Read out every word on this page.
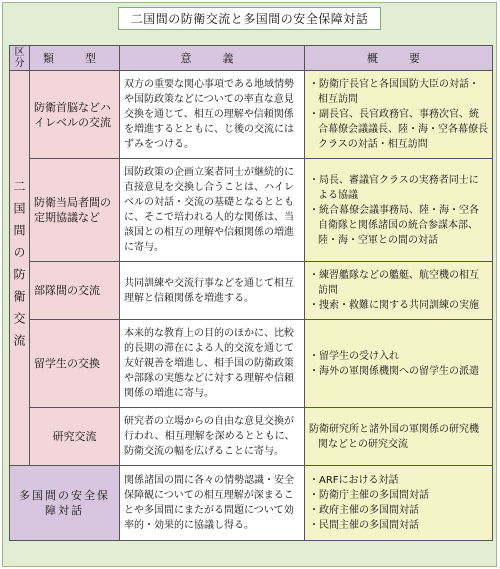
二国間の防衛交流と多国間の安全保障対話
区分	類　型	意　義	概　要

二国間の防衛交流	防衛首脳などハイレベルの交流	双方の重要な関心事項である地域情勢や国防政策などについての率直な意見交換を通じて、相互の理解や信頼関係を増進するとともに、じ後の交流にはずみをつける。	・防衛庁長官と各国国防大臣の対話・相互訪問
・副長官、長官政務官、事務次官、統合幕僚会議議長、陸・海・空各幕僚長クラスの対話・相互訪問

	防衛当局者間の定期協議など	国防政策の企画立案者同士が継続的に直接意見を交換し合うことは、ハイレベルの対話・交流の基礎となるとともに、そこで培われる人的な関係は、当該国との相互の理解や信頼関係の増進に寄与。	・局長、審議官クラスの実務者同士による協議
・統合幕僚会議事務局、陸・海・空各自衛隊と関係諸国の統合参謀本部、陸・海・空軍との間の対話

	部隊間の交流	共同訓練や交流行事などを通じて相互理解と信頼関係を増進する。	・練習艦隊などの艦艇、航空機の相互訪問
・捜索・救難に関する共同訓練の実施

	留学生の交換	本来的な教育上の目的のほかに、比較的長期の滞在による人的交流を通じて友好親善を増進し、相手国の防衛政策や部隊の実態などに対する理解や信頼関係の増進に寄与。	・留学生の受け入れ
・海外の軍関係機関への留学生の派遣

	研究交流	研究者の立場からの自由な意見交換が行われ、相互理解を深めるとともに、防衛交流の幅を広げることに寄与。	防衛研究所と諸外国の軍関係の研究機関などとの研究交流

多国間の安全保障対話		関係諸国の間に各々の情勢認識・安全保障観についての相互理解が深まることや多国間にまたがる問題について効率的・効果的に協議し得る。	・ARFにおける対話
・防衛庁主催の多国間対話
・政府主催の多国間対話
・民間主催の多国間対話
